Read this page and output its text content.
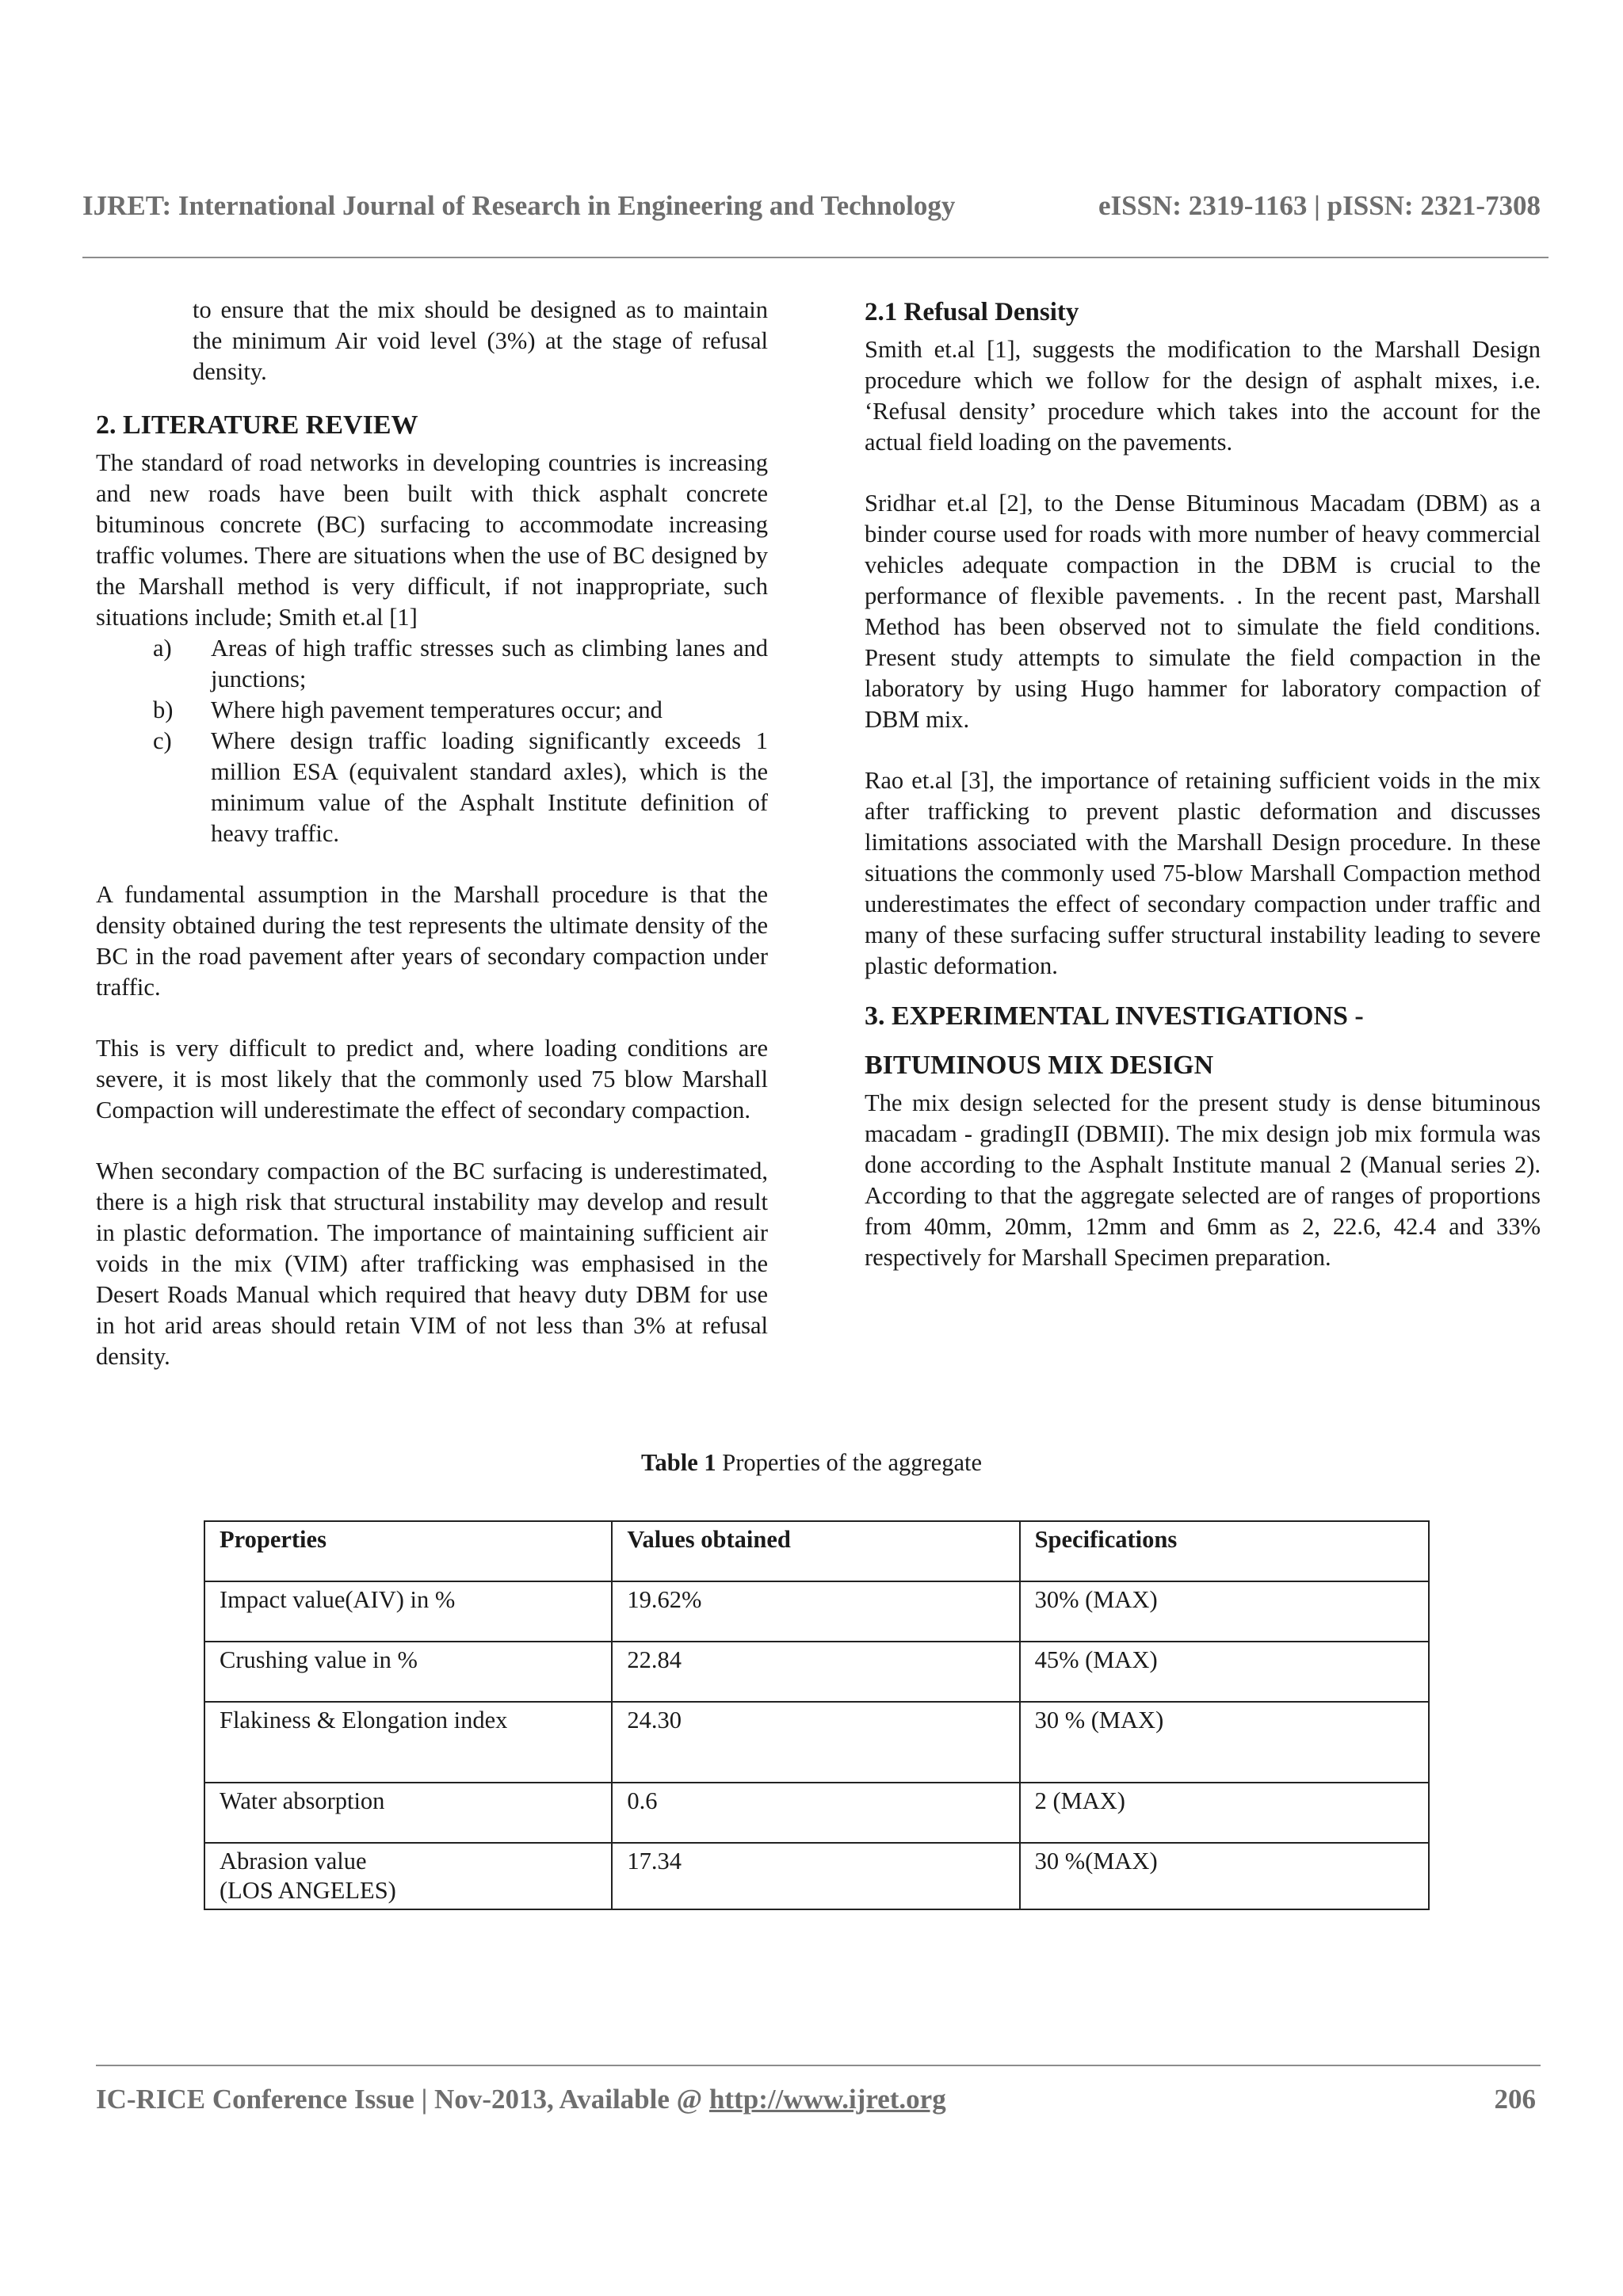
IJRET: International Journal of Research in Engineering and Technology	eISSN: 2319-1163 | pISSN: 2321-7308

to ensure that the mix should be designed as to maintain the minimum Air void level (3%) at the stage of refusal density.

2. LITERATURE REVIEW

The standard of road networks in developing countries is increasing and new roads have been built with thick asphalt concrete bituminous concrete (BC) surfacing to accommodate increasing traffic volumes. There are situations when the use of BC designed by the Marshall method is very difficult, if not inappropriate, such situations include; Smith et.al [1]

a)	Areas of high traffic stresses such as climbing lanes and junctions;
b)	Where high pavement temperatures occur; and
c)	Where design traffic loading significantly exceeds 1 million ESA (equivalent standard axles), which is the minimum value of the Asphalt Institute definition of heavy traffic.

A fundamental assumption in the Marshall procedure is that the density obtained during the test represents the ultimate density of the BC in the road pavement after years of secondary compaction under traffic.

This is very difficult to predict and, where loading conditions are severe, it is most likely that the commonly used 75 blow Marshall Compaction will underestimate the effect of secondary compaction.

When secondary compaction of the BC surfacing is underestimated, there is a high risk that structural instability may develop and result in plastic deformation. The importance of maintaining sufficient air voids in the mix (VIM) after trafficking was emphasised in the Desert Roads Manual which required that heavy duty DBM for use in hot arid areas should retain VIM of not less than 3% at refusal density.

2.1 Refusal Density

Smith et.al [1], suggests the modification to the Marshall Design procedure which we follow for the design of asphalt mixes, i.e. ‘Refusal density’ procedure which takes into the account for the actual field loading on the pavements.

Sridhar et.al [2], to the Dense Bituminous Macadam (DBM) as a binder course used for roads with more number of heavy commercial vehicles adequate compaction in the DBM is crucial to the performance of flexible pavements. . In the recent past, Marshall Method has been observed not to simulate the field conditions. Present study attempts to simulate the field compaction in the laboratory by using Hugo hammer for laboratory compaction of DBM mix.

Rao et.al [3], the importance of retaining sufficient voids in the mix after trafficking to prevent plastic deformation and discusses limitations associated with the Marshall Design procedure. In these situations the commonly used 75-blow Marshall Compaction method underestimates the effect of secondary compaction under traffic and many of these surfacing suffer structural instability leading to severe plastic deformation.

3. EXPERIMENTAL INVESTIGATIONS -
BITUMINOUS MIX DESIGN

The mix design selected for the present study is dense bituminous macadam - gradingII (DBMII). The mix design job mix formula was done according to the Asphalt Institute manual 2 (Manual series 2). According to that the aggregate selected are of ranges of proportions from 40mm, 20mm, 12mm and 6mm as 2, 22.6, 42.4 and 33% respectively for Marshall Specimen preparation.

Table 1 Properties of the aggregate
Properties	Values obtained	Specifications
Impact value(AIV) in %	19.62%	30% (MAX)
Crushing value in %	22.84	45% (MAX)
Flakiness & Elongation index	24.30	30 % (MAX)
Water absorption	0.6	2 (MAX)
Abrasion value
(LOS ANGELES)	17.34	30 %(MAX)
IC-RICE Conference Issue | Nov-2013, Available @ http://www.ijret.org	206
